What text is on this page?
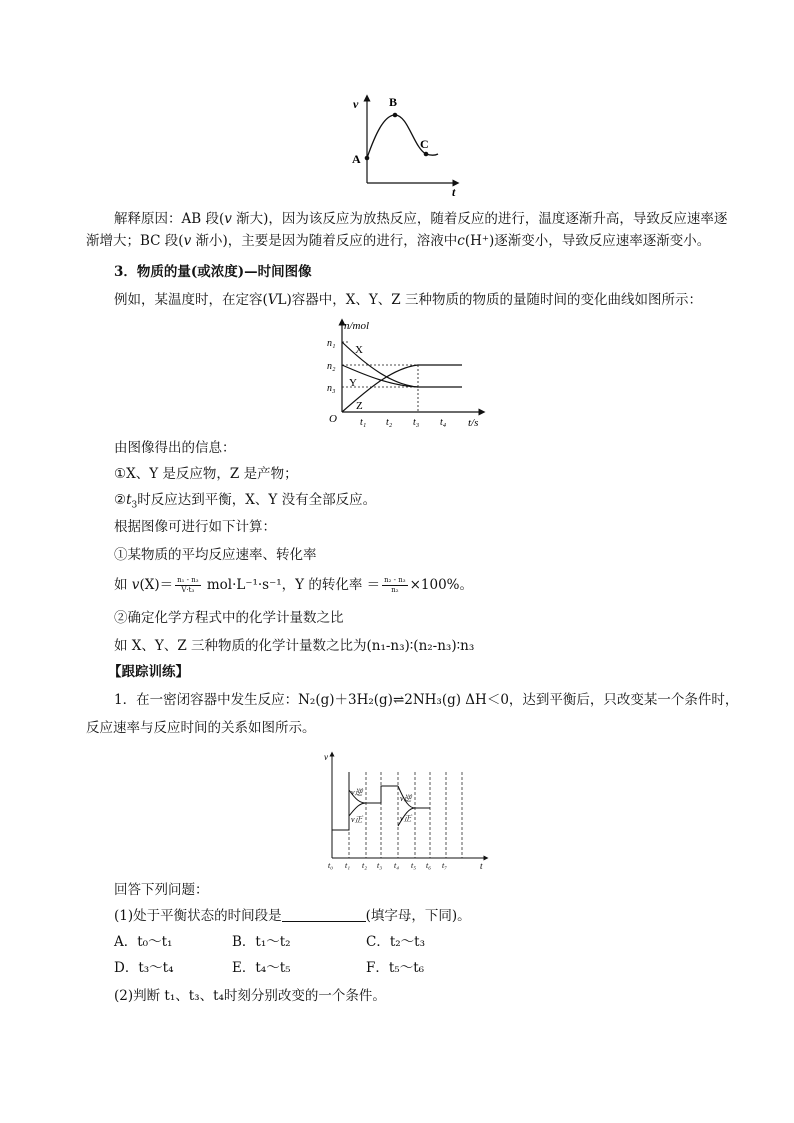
v
t
A
B
C
解释原因：AB 段(v 渐大)，因为该反应为放热反应，随着反应的进行，温度逐渐升高，导致反应速率逐渐增大；BC 段(v 渐小)，主要是因为随着反应的进行，溶液中c(H⁺)逐渐变小，导致反应速率逐渐变小。
3．物质的量(或浓度)—时间图像
例如，某温度时，在定容(VL)容器中，X、Y、Z 三种物质的物质的量随时间的变化曲线如图所示：
n/mol
t/s
O
n₁
n₂
n₃
t₁ t₂ t₃ t₄
X
Y
Z
由图像得出的信息：
①X、Y 是反应物，Z 是产物；
$②t_3$时反应达到平衡，X、Y 没有全部反应。
根据图像可进行如下计算：
①某物质的平均反应速率、转化率
如 $v(X)= \frac{\text{n₁ - n₃}}{\text{V·t₃}} mol\cdot L^{-1}\cdot s^{-1}$，Y 的转化率 ＝ $\frac{\text{n₂ - n₃}}{\text{n₂}} \times 100\%$。
②确定化学方程式中的化学计量数之比
如 X、Y、Z 三种物质的化学计量数之比为(n₁-n₃)∶(n₂-n₃)∶n₃
【跟踪训练】
1．在一密闭容器中发生反应：N₂(g)＋3H₂(g)⇌2NH₃(g) ΔH＜0，达到平衡后，只改变某一个条件时，
反应速率与反应时间的关系如图所示。
v
t
v逆
v正
v逆
v正
t₀ t₁ t₂ t₃ t₄ t₅ t₆ t₇
回答下列问题：
(1)处于平衡状态的时间段是	(填字母，下同)。
A．t₀～t₁	B．t₁～t₂	C．t₂～t₃
D．t₃～t₄	E．t₄～t₅	F．t₅～t₆
(2)判断 t₁、t₃、t₄时刻分别改变的一个条件。
